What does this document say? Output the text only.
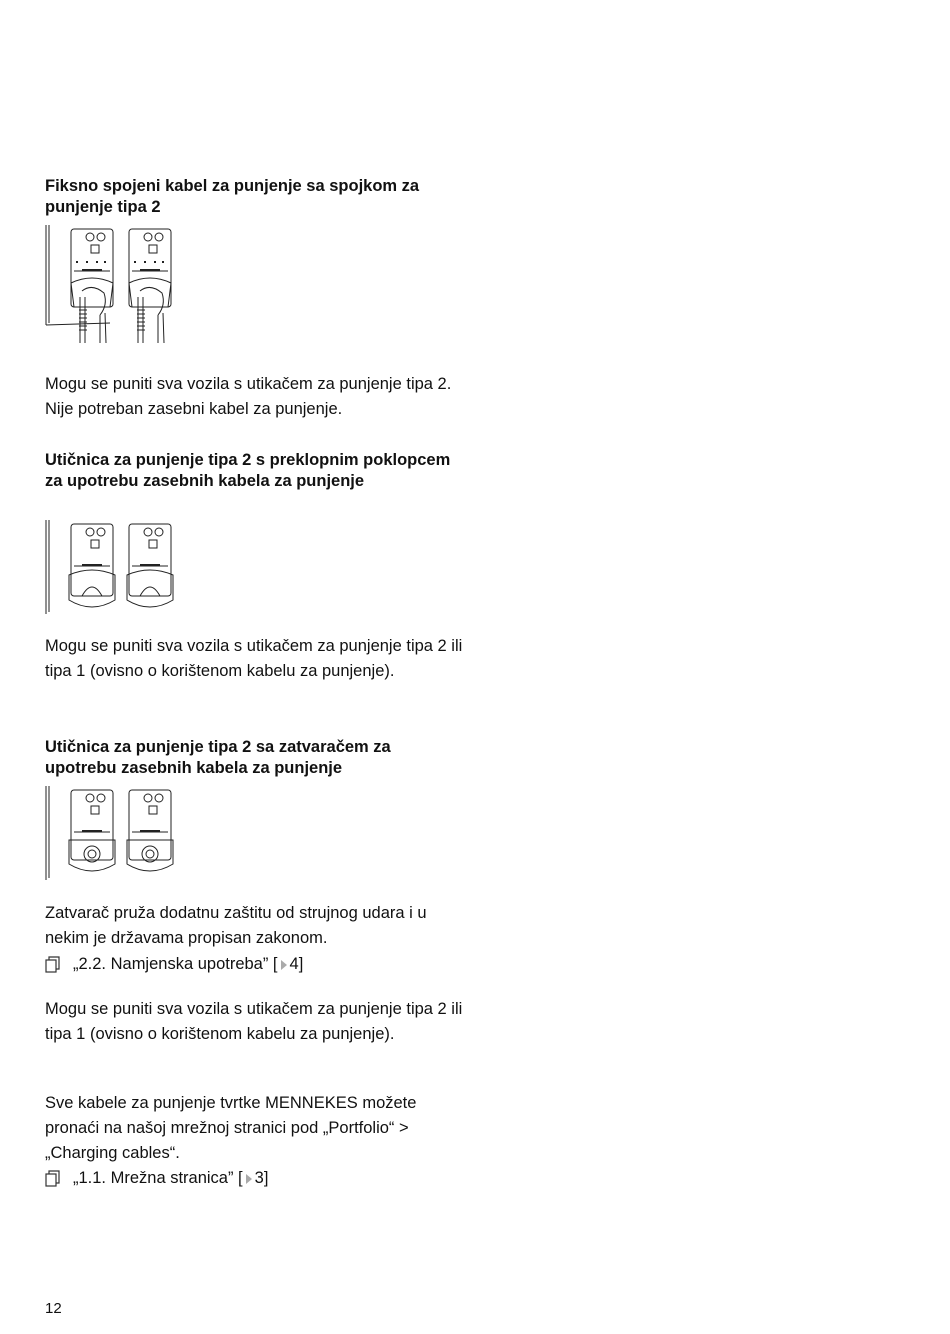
Fiksno spojeni kabel za punjenje sa spojkom za punjenje tipa 2

Mogu se puniti sva vozila s utikačem za punjenje tipa 2. Nije potreban zasebni kabel za punjenje.

Utičnica za punjenje tipa 2 s preklopnim poklopcem za upotrebu zasebnih kabela za punjenje

Mogu se puniti sva vozila s utikačem za punjenje tipa 2 ili tipa 1 (ovisno o korištenom kabelu za punjenje).

Utičnica za punjenje tipa 2 sa zatvaračem za upotrebu zasebnih kabela za punjenje

Zatvarač pruža dodatnu zaštitu od strujnog udara i u nekim je državama propisan zakonom.

„2.2. Namjenska upotreba” [ 4 ]

Mogu se puniti sva vozila s utikačem za punjenje tipa 2 ili tipa 1 (ovisno o korištenom kabelu za punjenje).

Sve kabele za punjenje tvrtke MENNEKES možete pronaći na našoj mrežnoj stranici pod „Portfolio“ > „Charging cables“.

„1.1. Mrežna stranica” [ 3 ]
12
